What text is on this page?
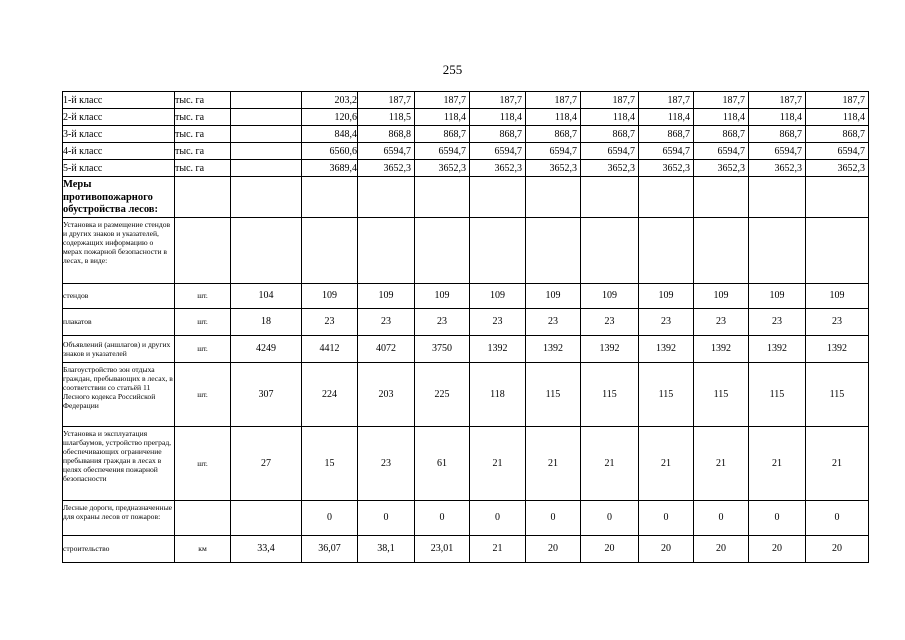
255
1-й класс	тыс. га		203,2	187,7	187,7	187,7	187,7	187,7	187,7	187,7	187,7	187,7
2-й класс	тыс. га		120,6	118,5	118,4	118,4	118,4	118,4	118,4	118,4	118,4	118,4
3-й класс	тыс. га		848,4	868,8	868,7	868,7	868,7	868,7	868,7	868,7	868,7	868,7
4-й класс	тыс. га		6560,6	6594,7	6594,7	6594,7	6594,7	6594,7	6594,7	6594,7	6594,7	6594,7
5-й класс	тыс. га		3689,4	3652,3	3652,3	3652,3	3652,3	3652,3	3652,3	3652,3	3652,3	3652,3
Меры противопожарного обустройства лесов:												
Установка и размещение стендов и других знаков и указателей, содержащих информацию о мерах пожарной безопасности в лесах, в виде:												
стендов	шт.	104	109	109	109	109	109	109	109	109	109	109
плакатов	шт.	18	23	23	23	23	23	23	23	23	23	23
Объявлений (аншлагов) и других знаков и указателей	шт.	4249	4412	4072	3750	1392	1392	1392	1392	1392	1392	1392
Благоустройство зон отдыха граждан, пребывающих в лесах, в соответствии со статьёй 11 Лесного кодекса Российской Федерации	шт.	307	224	203	225	118	115	115	115	115	115	115
Установка и эксплуатация шлагбаумов, устройство преград, обеспечивающих ограничение пребывания граждан в лесах в целях обеспечения пожарной безопасности	шт.	27	15	23	61	21	21	21	21	21	21	21
Лесные дороги, предназначенные для охраны лесов от пожаров:			0	0	0	0	0	0	0	0	0	0
строительство	км	33,4	36,07	38,1	23,01	21	20	20	20	20	20	20
